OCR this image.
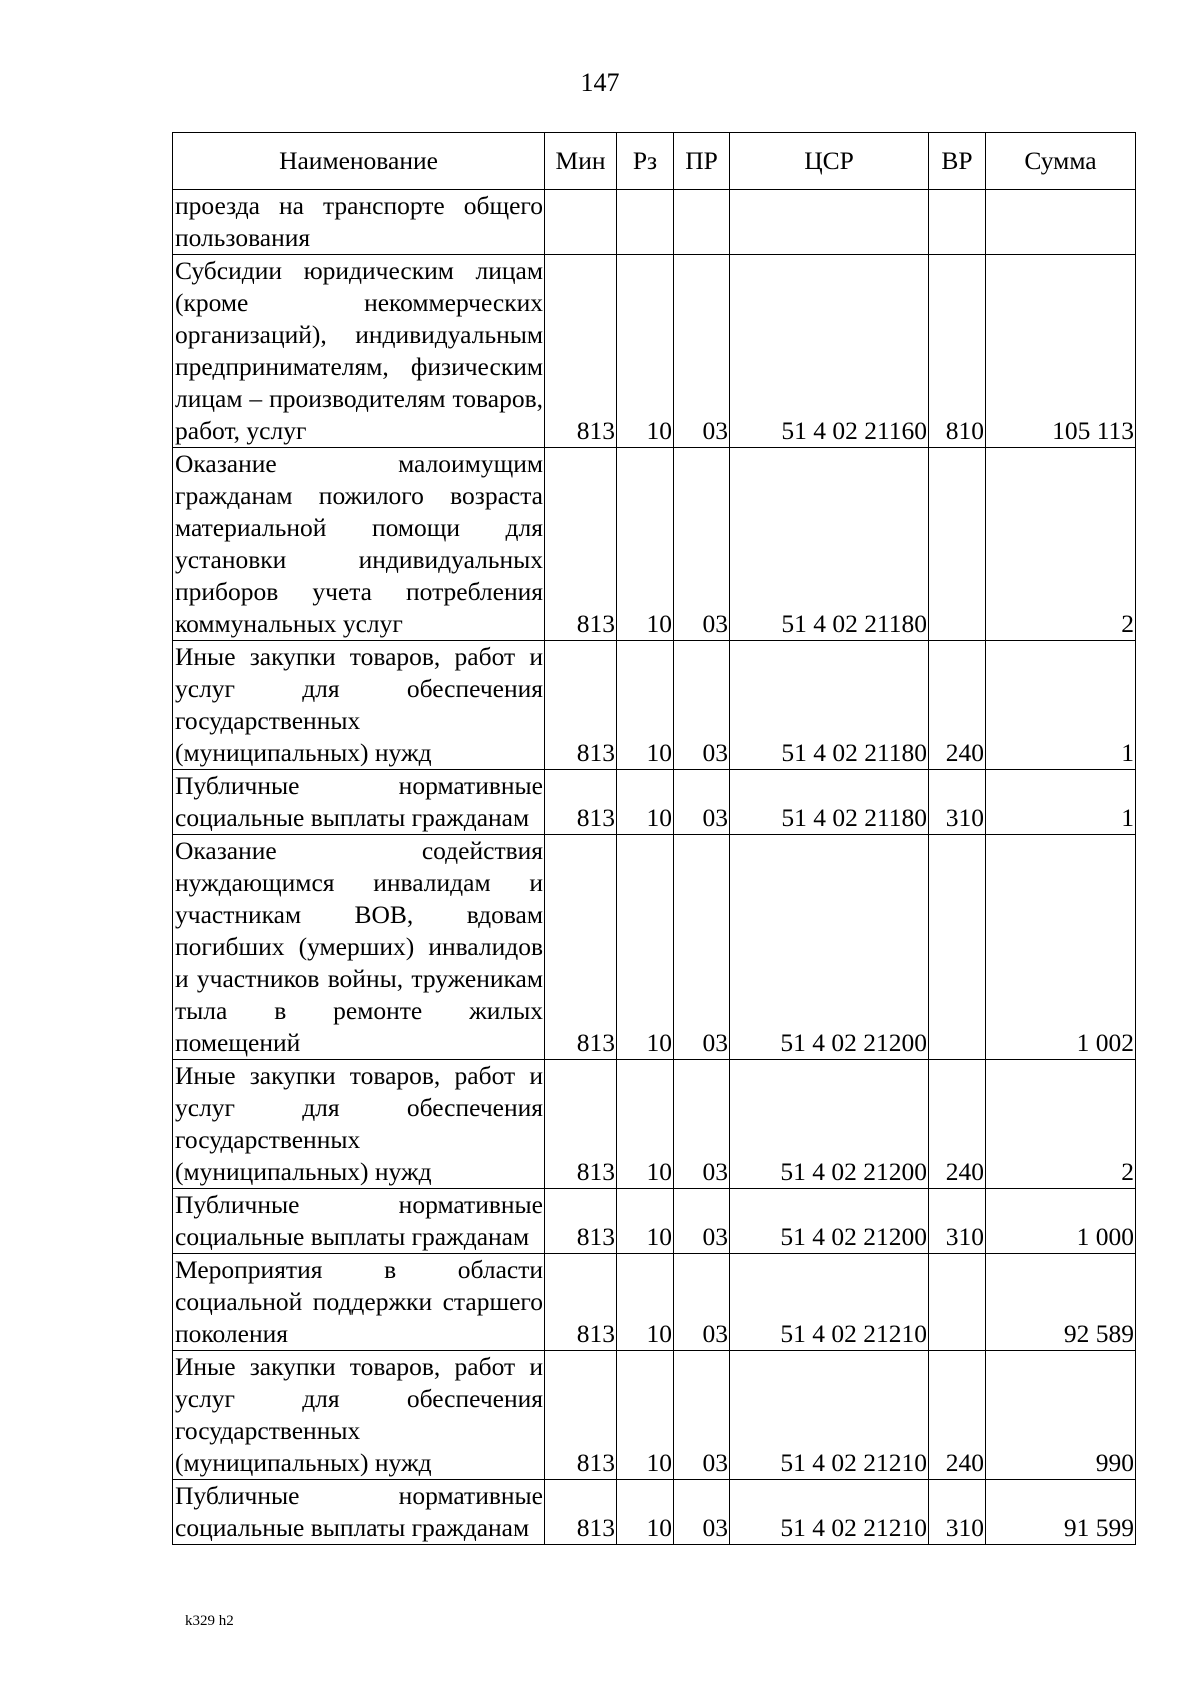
147
Наименование	Мин	Рз	ПР	ЦСР	ВР	Сумма
проезда на транспорте общего пользования						
Субсидии юридическим лицам (кроме некоммерческих организаций), индивидуальным предпринимателям, физическим лицам – производителям товаров, работ, услуг	813	10	03	51 4 02 21160	810	105 113
Оказание малоимущим гражданам пожилого возраста материальной помощи для установки индивидуальных приборов учета потребления коммунальных услуг	813	10	03	51 4 02 21180		2
Иные закупки товаров, работ и услуг для обеспечения государственных (муниципальных) нужд	813	10	03	51 4 02 21180	240	1
Публичные нормативные социальные выплаты гражданам	813	10	03	51 4 02 21180	310	1
Оказание содействия нуждающимся инвалидам и участникам ВОВ, вдовам погибших (умерших) инвалидов и участников войны, труженикам тыла в ремонте жилых помещений	813	10	03	51 4 02 21200		1 002
Иные закупки товаров, работ и услуг для обеспечения государственных (муниципальных) нужд	813	10	03	51 4 02 21200	240	2
Публичные нормативные социальные выплаты гражданам	813	10	03	51 4 02 21200	310	1 000
Мероприятия в области социальной поддержки старшего поколения	813	10	03	51 4 02 21210		92 589
Иные закупки товаров, работ и услуг для обеспечения государственных (муниципальных) нужд	813	10	03	51 4 02 21210	240	990
Публичные нормативные социальные выплаты гражданам	813	10	03	51 4 02 21210	310	91 599
k329 h2
